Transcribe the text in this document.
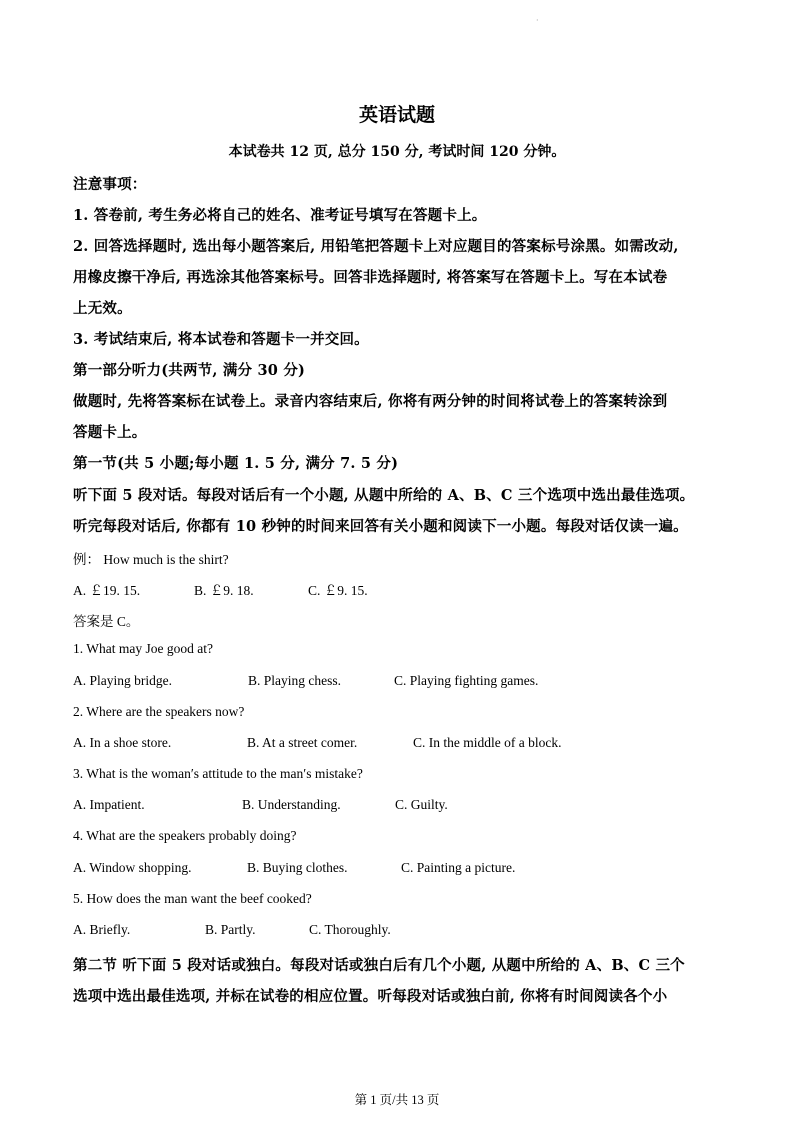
·
英语试题
本试卷共 12 页, 总分 150 分, 考试时间 120 分钟。
注意事项：
1. 答卷前, 考生务必将自己的姓名、准考证号填写在答题卡上。
2. 回答选择题时, 选出每小题答案后, 用铅笔把答题卡上对应题目的答案标号涂黑。如需改动,
用橡皮擦干净后, 再选涂其他答案标号。回答非选择题时, 将答案写在答题卡上。写在本试卷
上无效。
3. 考试结束后, 将本试卷和答题卡一并交回。
第一部分听力(共两节, 满分 30 分)
做题时, 先将答案标在试卷上。录音内容结束后, 你将有两分钟的时间将试卷上的答案转涂到
答题卡上。
第一节(共 5 小题;每小题 1. 5 分, 满分 7. 5 分)
听下面 5 段对话。每段对话后有一个小题, 从题中所给的 A、B、C 三个选项中选出最佳选项。
听完每段对话后, 你都有 10 秒钟的时间来回答有关小题和阅读下一小题。每段对话仅读一遍。
例： How much is the shirt?
A. ￡19. 15.	B. ￡9. 18.	C. ￡9. 15.
答案是 C。
1. What may Joe good at?
A. Playing bridge.	B. Playing chess.	C. Playing fighting games.
2. Where are the speakers now?
A. In a shoe store.	B. At a street comer.	C. In the middle of a block.
3. What is the woman′s attitude to the man′s mistake?
A. Impatient.	B. Understanding.	C. Guilty.
4. What are the speakers probably doing?
A. Window shopping.	B. Buying clothes.	C. Painting a picture.
5. How does the man want the beef cooked?
A. Briefly.	B. Partly.	C. Thoroughly.
第二节 听下面 5 段对话或独白。每段对话或独白后有几个小题, 从题中所给的 A、B、C 三个
选项中选出最佳选项, 并标在试卷的相应位置。听每段对话或独白前, 你将有时间阅读各个小
第 1 页/共 13 页
